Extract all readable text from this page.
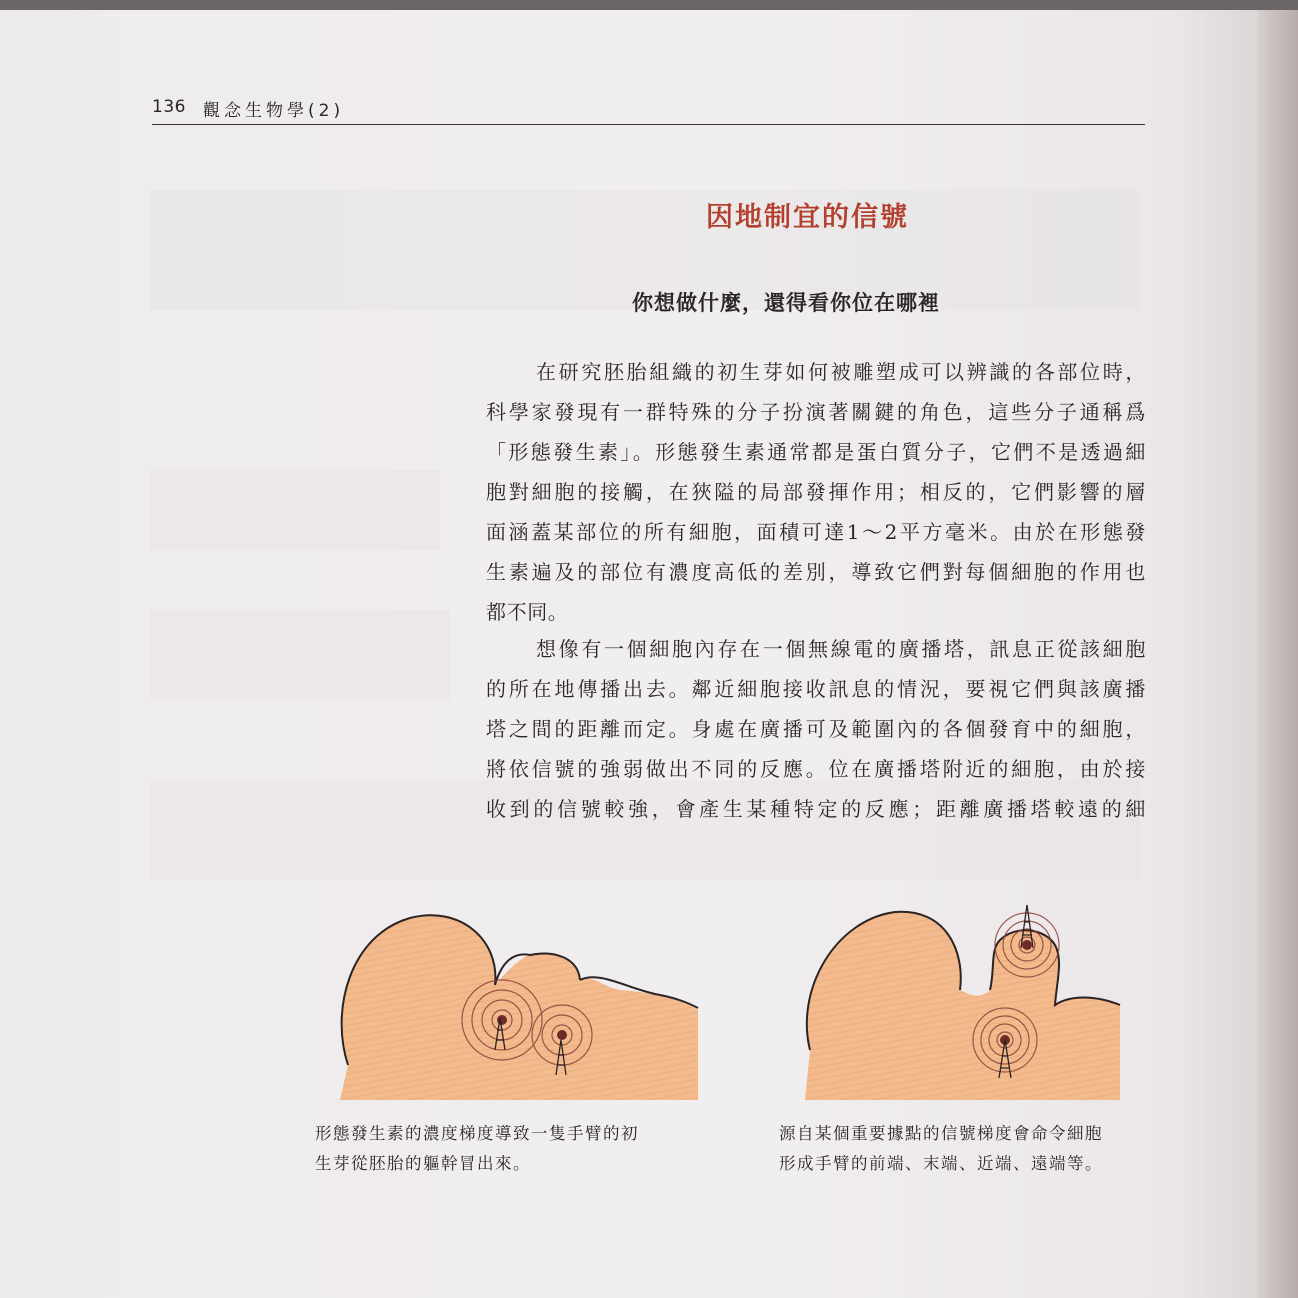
136 觀念生物學(2)
因地制宜的信號
你想做什麼，還得看你位在哪裡
在研究胚胎組織的初生芽如何被雕塑成可以辨識的各部位時，
科學家發現有一群特殊的分子扮演著關鍵的角色，這些分子通稱爲
「形態發生素」。形態發生素通常都是蛋白質分子，它們不是透過細
胞對細胞的接觸，在狹隘的局部發揮作用；相反的，它們影響的層
面涵蓋某部位的所有細胞，面積可達1～2平方毫米。由於在形態發
生素遍及的部位有濃度高低的差別，導致它們對每個細胞的作用也
都不同。
想像有一個細胞內存在一個無線電的廣播塔，訊息正從該細胞
的所在地傳播出去。鄰近細胞接收訊息的情況，要視它們與該廣播
塔之間的距離而定。身處在廣播可及範圍內的各個發育中的細胞，
將依信號的強弱做出不同的反應。位在廣播塔附近的細胞，由於接
收到的信號較強，會產生某種特定的反應；距離廣播塔較遠的細
形態發生素的濃度梯度導致一隻手臂的初
生芽從胚胎的軀幹冒出來。
源自某個重要據點的信號梯度會命令細胞
形成手臂的前端、末端、近端、遠端等。
